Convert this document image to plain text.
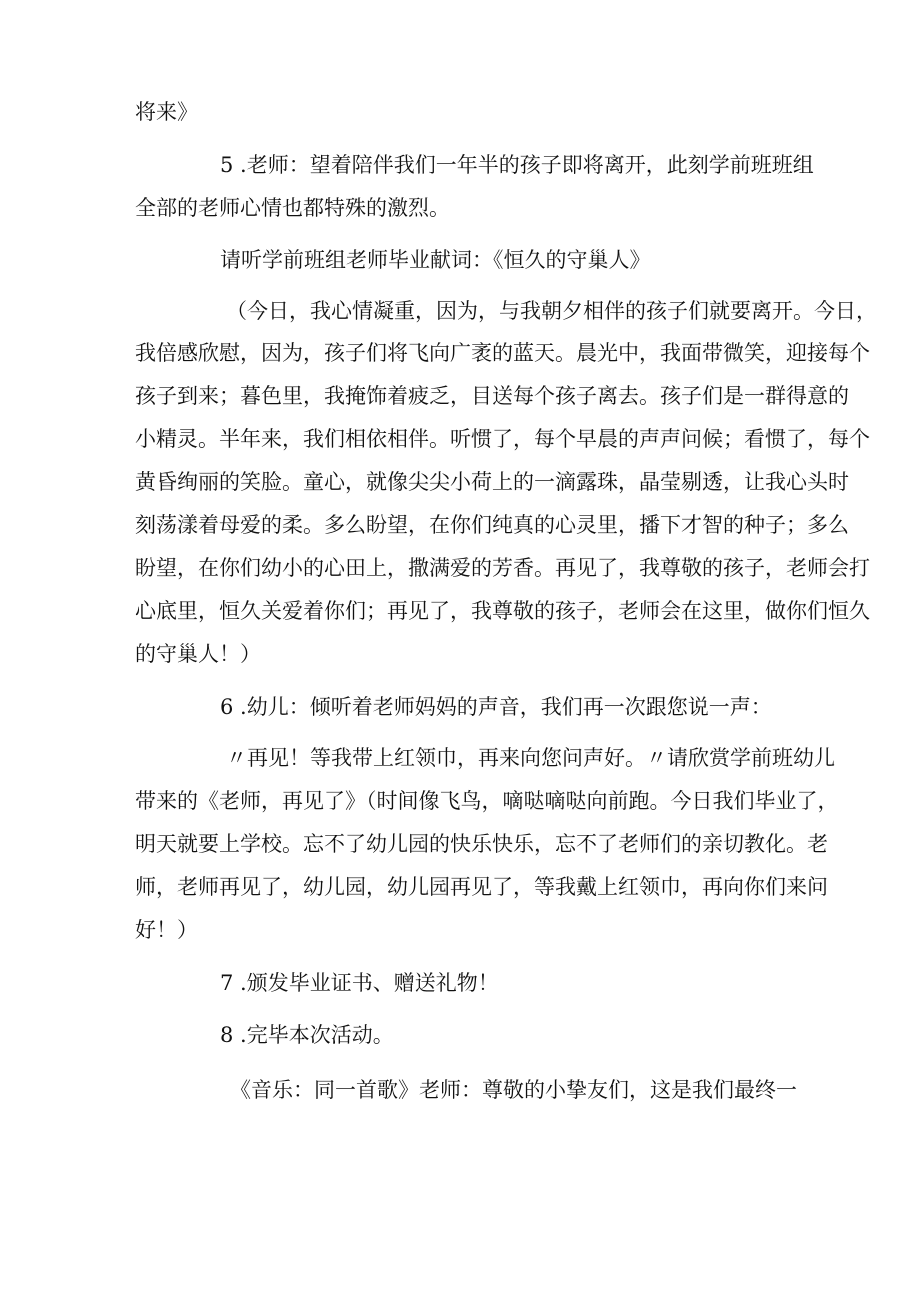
将来》
5 .老师：望着陪伴我们一年半的孩子即将离开，此刻学前班班组
全部的老师心情也都特殊的激烈。
请听学前班组老师毕业献词：《恒久的守巢人》
（今日，我心情凝重，因为，与我朝夕相伴的孩子们就要离开。今日，
我倍感欣慰，因为，孩子们将飞向广袤的蓝天。晨光中，我面带微笑，迎接每个
孩子到来；暮色里，我掩饰着疲乏，目送每个孩子离去。孩子们是一群得意的
小精灵。半年来，我们相依相伴。听惯了，每个早晨的声声问候；看惯了，每个
黄昏绚丽的笑脸。童心，就像尖尖小荷上的一滴露珠，晶莹剔透，让我心头时
刻荡漾着母爱的柔。多么盼望，在你们纯真的心灵里，播下才智的种子；多么
盼望，在你们幼小的心田上，撒满爱的芳香。再见了，我尊敬的孩子，老师会打
心底里，恒久关爱着你们；再见了，我尊敬的孩子，老师会在这里，做你们恒久
的守巢人！）
6 .幼儿：倾听着老师妈妈的声音，我们再一次跟您说一声：
〃再见！等我带上红领巾，再来向您问声好。〃请欣赏学前班幼儿
带来的《老师，再见了》（时间像飞鸟，嘀哒嘀哒向前跑。今日我们毕业了，
明天就要上学校。忘不了幼儿园的快乐快乐，忘不了老师们的亲切教化。老
师，老师再见了，幼儿园，幼儿园再见了，等我戴上红领巾，再向你们来问
好！）
7 .颁发毕业证书、赠送礼物！
8 .完毕本次活动。
《音乐：同一首歌》老师：尊敬的小挚友们，这是我们最终一
